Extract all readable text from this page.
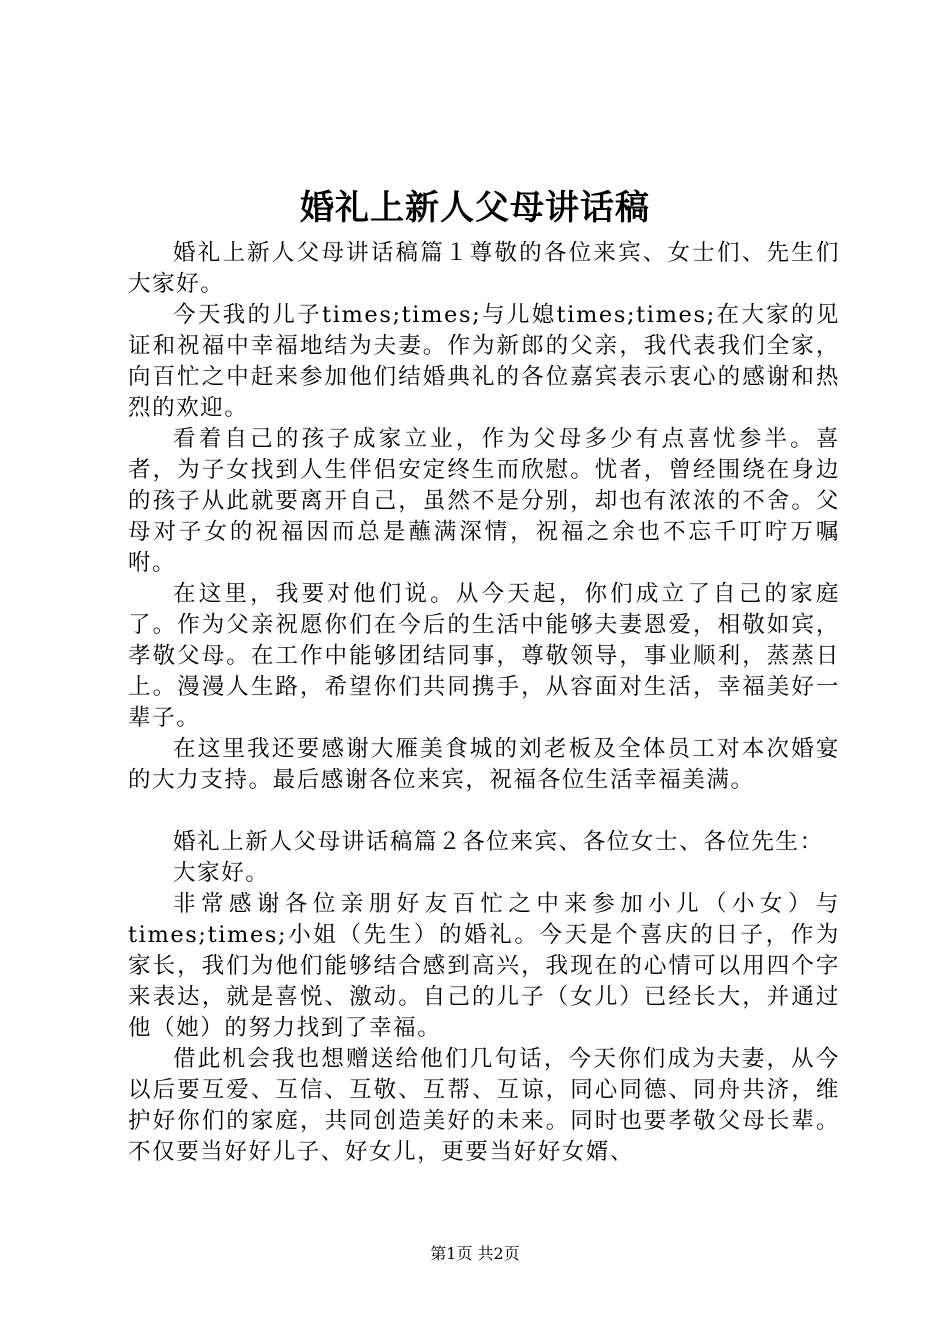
婚礼上新人父母讲话稿

婚礼上新人父母讲话稿篇１尊敬的各位来宾、女士们、先生们大家好。

今天我的儿子times;times;与儿媳times;times;在大家的见证和祝福中幸福地结为夫妻。作为新郎的父亲，我代表我们全家，向百忙之中赶来参加他们结婚典礼的各位嘉宾表示衷心的感谢和热烈的欢迎。

看着自己的孩子成家立业，作为父母多少有点喜忧参半。喜者，为子女找到人生伴侣安定终生而欣慰。忧者，曾经围绕在身边的孩子从此就要离开自己，虽然不是分别，却也有浓浓的不舍。父母对子女的祝福因而总是蘸满深情，祝福之余也不忘千叮咛万嘱咐。

在这里，我要对他们说。从今天起，你们成立了自己的家庭了。作为父亲祝愿你们在今后的生活中能够夫妻恩爱，相敬如宾，孝敬父母。在工作中能够团结同事，尊敬领导，事业顺利，蒸蒸日上。漫漫人生路，希望你们共同携手，从容面对生活，幸福美好一辈子。

在这里我还要感谢大雁美食城的刘老板及全体员工对本次婚宴的大力支持。最后感谢各位来宾，祝福各位生活幸福美满。

婚礼上新人父母讲话稿篇２各位来宾、各位女士、各位先生：

大家好。

非常感谢各位亲朋好友百忙之中来参加小儿（小女）与times;times;小姐（先生）的婚礼。今天是个喜庆的日子，作为家长，我们为他们能够结合感到高兴，我现在的心情可以用四个字来表达，就是喜悦、激动。自己的儿子（女儿）已经长大，并通过他（她）的努力找到了幸福。

借此机会我也想赠送给他们几句话，今天你们成为夫妻，从今以后要互爱、互信、互敬、互帮、互谅，同心同德、同舟共济，维护好你们的家庭，共同创造美好的未来。同时也要孝敬父母长辈。不仅要当好好儿子、好女儿，更要当好好女婿、

第1页 共2页
